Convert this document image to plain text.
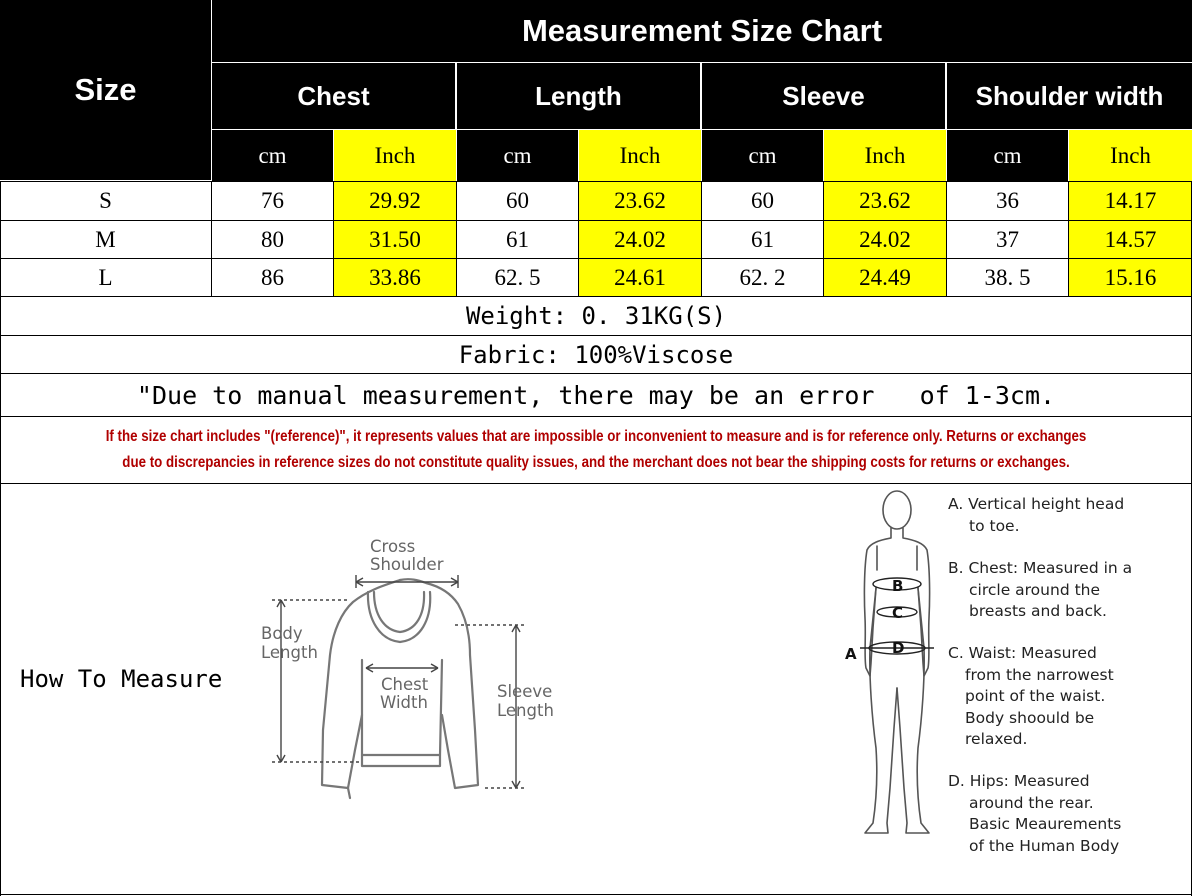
Size
Measurement Size Chart
Chest	Length	Sleeve	Shoulder width
cm	Inch	cm	Inch	cm	Inch	cm	Inch
S	76	29.92	60	23.62	60	23.62	36	14.17
M	80	31.50	61	24.02	61	24.02	37	14.57
L	86	33.86	62. 5	24.61	62. 2	24.49	38. 5	15.16
Weight: 0. 31KG(S)
Fabric: 100%Viscose
"Due to manual measurement, there may be an error   of 1-3cm.
If the size chart includes "(reference)", it represents values that are impossible or inconvenient to measure and is for reference only. Returns or exchanges
due to discrepancies in reference sizes do not constitute quality issues, and the merchant does not bear the shipping costs for returns or exchanges.
How To Measure
Cross
Shoulder
Body
Length
Chest
Width
Sleeve
Length
A
B
C
D
A. Vertical height head
to toe.
B. Chest: Measured in a
circle around the
breasts and back.
C. Waist: Measured
from the narrowest
point of the waist.
Body shoould be
relaxed.
D. Hips: Measured
around the rear.
Basic Meaurements
of the Human Body
